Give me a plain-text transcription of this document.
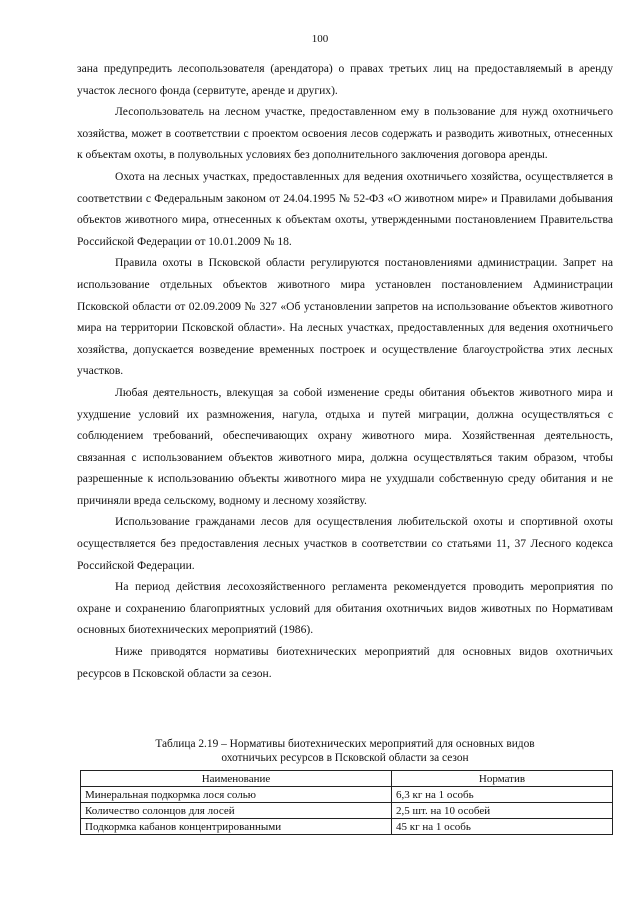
100

зана предупредить лесопользователя (арендатора) о правах третьих лиц на предоставляемый в аренду участок лесного фонда (сервитуте, аренде и других).

Лесопользователь на лесном участке, предоставленном ему в пользование для нужд охотничьего хозяйства, может в соответствии с проектом освоения лесов содержать и разводить животных, отнесенных к объектам охоты, в полувольных условиях без дополнительного заключения договора аренды.

Охота на лесных участках, предоставленных для ведения охотничьего хозяйства, осуществляется в соответствии с Федеральным законом от 24.04.1995 № 52-ФЗ «О животном мире» и Правилами добывания объектов животного мира, отнесенных к объектам охоты, утвержденными постановлением Правительства Российской Федерации от 10.01.2009 № 18.

Правила охоты в Псковской области регулируются постановлениями администрации. Запрет на использование отдельных объектов животного мира установлен постановлением Администрации Псковской области от 02.09.2009 № 327 «Об установлении запретов на использование объектов животного мира на территории Псковской области». На лесных участках, предоставленных для ведения охотничьего хозяйства, допускается возведение временных построек и осуществление благоустройства этих лесных участков.

Любая деятельность, влекущая за собой изменение среды обитания объектов животного мира и ухудшение условий их размножения, нагула, отдыха и путей миграции, должна осуществляться с соблюдением требований, обеспечивающих охрану животного мира. Хозяйственная деятельность, связанная с использованием объектов животного мира, должна осуществляться таким образом, чтобы разрешенные к использованию объекты животного мира не ухудшали собственную среду обитания и не причиняли вреда сельскому, водному и лесному хозяйству.

Использование гражданами лесов для осуществления любительской охоты и спортивной охоты осуществляется без предоставления лесных участков в соответствии со статьями 11, 37 Лесного кодекса Российской Федерации.

На период действия лесохозяйственного регламента рекомендуется проводить мероприятия по охране и сохранению благоприятных условий для обитания охотничьих видов животных по Нормативам основных биотехнических мероприятий (1986).

Ниже приводятся нормативы биотехнических мероприятий для основных видов охотничьих ресурсов в Псковской области за сезон.

Таблица 2.19 – Нормативы биотехнических мероприятий для основных видов
охотничьих ресурсов в Псковской области за сезон
Наименование	Норматив
Минеральная подкормка лося солью	6,3 кг на 1 особь
Количество солонцов для лосей	2,5 шт. на 10 особей
Подкормка кабанов концентрированными	45 кг на 1 особь
